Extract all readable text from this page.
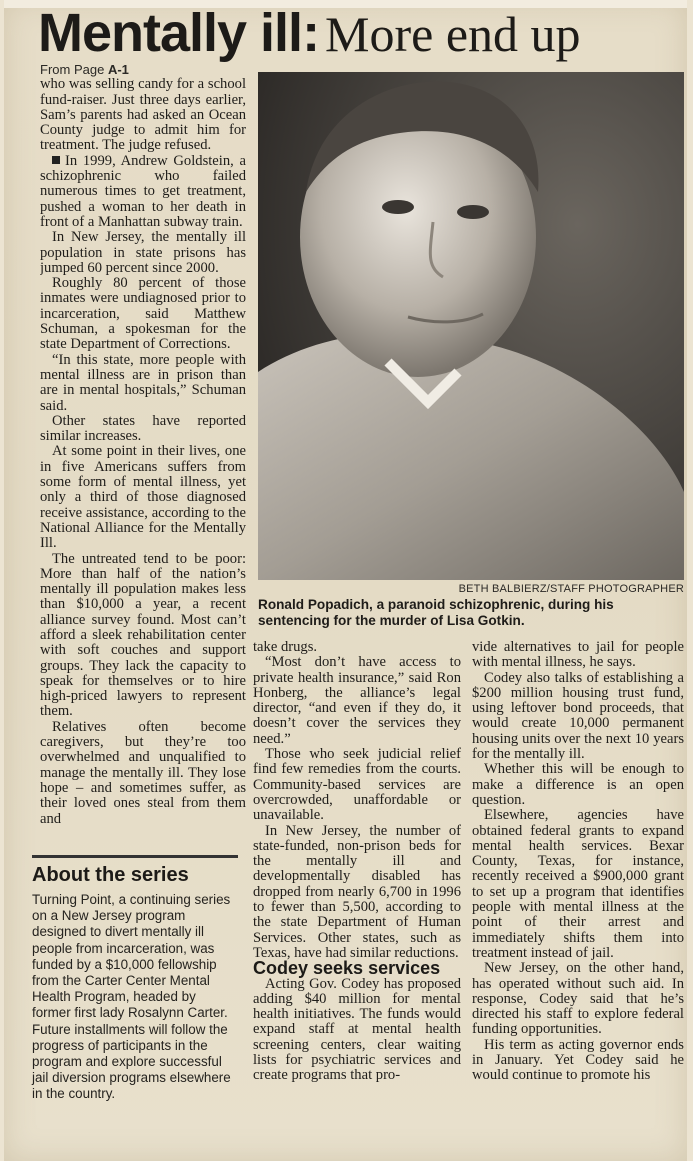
Mentally ill: More end up

From Page A-1

who was selling candy for a school fund-raiser. Just three days earlier, Sam’s parents had asked an Ocean County judge to admit him for treatment. The judge refused.

In 1999, Andrew Goldstein, a schizophrenic who failed numerous times to get treatment, pushed a woman to her death in front of a Manhattan subway train.

In New Jersey, the mentally ill population in state prisons has jumped 60 percent since 2000.

Roughly 80 percent of those inmates were undiagnosed prior to incarceration, said Matthew Schuman, a spokesman for the state Department of Corrections.

“In this state, more people with mental illness are in prison than are in mental hospitals,” Schuman said.

Other states have reported similar increases.

At some point in their lives, one in five Americans suffers from some form of mental illness, yet only a third of those diagnosed receive assistance, according to the National Alliance for the Mentally Ill.

The untreated tend to be poor: More than half of the nation’s mentally ill population makes less than $10,000 a year, a recent alliance survey found. Most can’t afford a sleek rehabilitation center with soft couches and support groups. They lack the capacity to speak for themselves or to hire high-priced lawyers to represent them.

Relatives often become caregivers, but they’re too overwhelmed and unqualified to manage the mentally ill. They lose hope – and sometimes suffer, as their loved ones steal from them and

BETH BALBIERZ/STAFF PHOTOGRAPHER
Ronald Popadich, a paranoid schizophrenic, during his sentencing for the murder of Lisa Gotkin.

take drugs.

“Most don’t have access to private health insurance,” said Ron Honberg, the alliance’s legal director, “and even if they do, it doesn’t cover the services they need.”

Those who seek judicial relief find few remedies from the courts. Community-based services are overcrowded, unaffordable or unavailable.

In New Jersey, the number of state-funded, non-prison beds for the mentally ill and developmentally disabled has dropped from nearly 6,700 in 1996 to fewer than 5,500, according to the state Department of Human Services. Other states, such as Texas, have had similar reductions.

Codey seeks services

Acting Gov. Codey has proposed adding $40 million for mental health initiatives. The funds would expand staff at mental health screening centers, clear waiting lists for psychiatric services and create programs that pro-

vide alternatives to jail for people with mental illness, he says.

Codey also talks of establishing a $200 million housing trust fund, using leftover bond proceeds, that would create 10,000 permanent housing units over the next 10 years for the mentally ill.

Whether this will be enough to make a difference is an open question.

Elsewhere, agencies have obtained federal grants to expand mental health services. Bexar County, Texas, for instance, recently received a $900,000 grant to set up a program that identifies people with mental illness at the point of their arrest and immediately shifts them into treatment instead of jail.

New Jersey, on the other hand, has operated without such aid. In response, Codey said that he’s directed his staff to explore federal funding opportunities.

His term as acting governor ends in January. Yet Codey said he would continue to promote his

About the series
Turning Point, a continuing series on a New Jersey program designed to divert mentally ill people from incarceration, was funded by a $10,000 fellowship from the Carter Center Mental Health Program, headed by former first lady Rosalynn Carter. Future installments will follow the progress of participants in the program and explore successful jail diversion programs elsewhere in the country.
